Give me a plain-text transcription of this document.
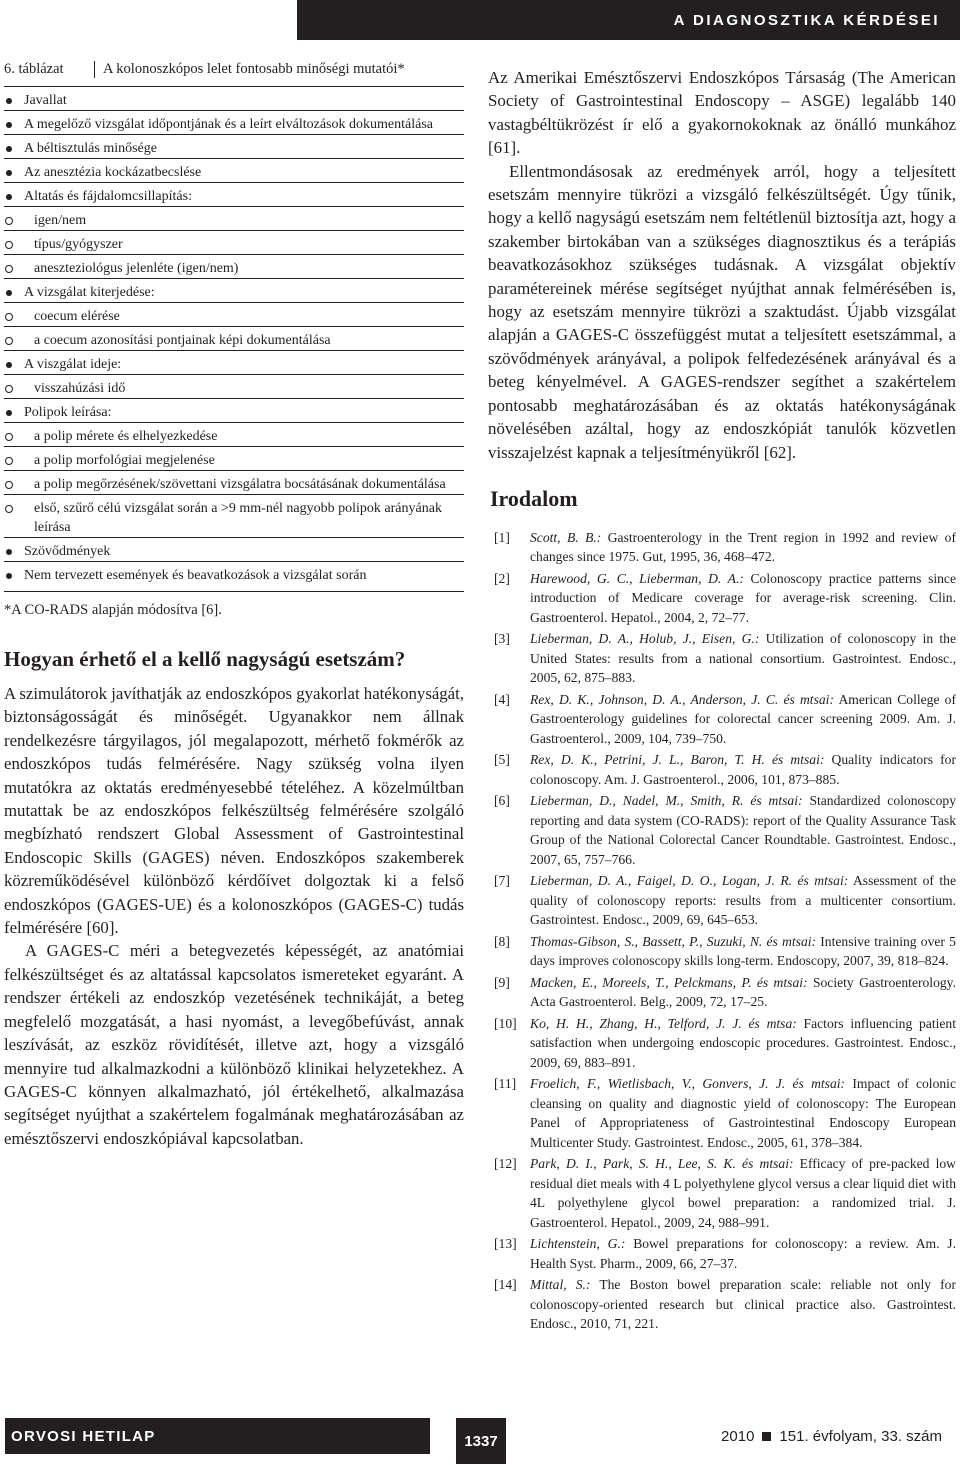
A DIAGNOSZTIKA KÉRDÉSEI
6. táblázat	A kolonoszkópos lelet fontosabb minőségi mutatói*
Javallat
A megelőző vizsgálat időpontjának és a leírt elváltozások dokumentálása
A béltisztulás minősége
Az anesztézia kockázatbecslése
Altatás és fájdalomcsillapítás:
igen/nem
típus/gyógyszer
aneszteziológus jelenléte (igen/nem)
A vizsgálat kiterjedése:
coecum elérése
a coecum azonosítási pontjainak képi dokumentálása
A viszgálat ideje:
visszahúzási idő
Polipok leírása:
a polip mérete és elhelyezkedése
a polip morfológiai megjelenése
a polip megőrzésének/szövettani vizsgálatra bocsátásának dokumentálása
első, szűrő célú vizsgálat során a >9 mm-nél nagyobb polipok arányának leírása
Szövődmények
Nem tervezett események és beavatkozások a vizsgálat során
*A CO-RADS alapján módosítva [6].
Hogyan érhető el a kellő nagyságú esetszám?

A szimulátorok javíthatják az endoszkópos gyakorlat hatékonyságát, biztonságosságát és minőségét. Ugyanakkor nem állnak rendelkezésre tárgyilagos, jól megalapozott, mérhető fokmérők az endoszkópos tudás felmérésére. Nagy szükség volna ilyen mutatókra az oktatás eredményesebbé tételéhez. A közelmúltban mutattak be az endoszkópos felkészültség felmérésére szolgáló megbízható rendszert Global Assessment of Gastrointestinal Endoscopic Skills (GAGES) néven. Endoszkópos szakemberek közreműködésével különböző kérdőívet dolgoztak ki a felső endoszkópos (GAGES-UE) és a kolonoszkópos (GAGES-C) tudás felmérésére [60].

A GAGES-C méri a betegvezetés képességét, az anatómiai felkészültséget és az altatással kapcsolatos ismereteket egyaránt. A rendszer értékeli az endoszkóp vezetésének technikáját, a beteg megfelelő mozgatását, a hasi nyomást, a levegőbefúvást, annak leszívását, az eszköz rövidítését, illetve azt, hogy a vizsgáló mennyire tud alkalmazkodni a különböző klinikai helyzetekhez. A GAGES-C könnyen alkalmazható, jól értékelhető, alkalmazása segítséget nyújthat a szakértelem fogalmának meghatározásában az emésztőszervi endoszkópiával kapcsolatban.

Az Amerikai Emésztőszervi Endoszkópos Társaság (The American Society of Gastrointestinal Endoscopy – ASGE) legalább 140 vastagbéltükrözést ír elő a gyakornokoknak az önálló munkához [61].

Ellentmondásosak az eredmények arról, hogy a teljesített esetszám mennyire tükrözi a vizsgáló felkészültségét. Úgy tűnik, hogy a kellő nagyságú esetszám nem feltétlenül biztosítja azt, hogy a szakember birtokában van a szükséges diagnosztikus és a terápiás beavatkozásokhoz szükséges tudásnak. A vizsgálat objektív paramétereinek mérése segítséget nyújthat annak felmérésében is, hogy az esetszám mennyire tükrözi a szaktudást. Újabb vizsgálat alapján a GAGES-C összefüggést mutat a teljesített esetszámmal, a szövődmények arányával, a polipok felfedezésének arányával és a beteg kényelmével. A GAGES-rendszer segíthet a szakértelem pontosabb meghatározásában és az oktatás hatékonyságának növelésében azáltal, hogy az endoszkópiát tanulók közvetlen visszajelzést kapnak a teljesítményükről [62].

Irodalom
[1]	Scott, B. B.: Gastroenterology in the Trent region in 1992 and review of changes since 1975. Gut, 1995, 36, 468–472.
[2]	Harewood, G. C., Lieberman, D. A.: Colonoscopy practice patterns since introduction of Medicare coverage for average-risk screening. Clin. Gastroenterol. Hepatol., 2004, 2, 72–77.
[3]	Lieberman, D. A., Holub, J., Eisen, G.: Utilization of colonoscopy in the United States: results from a national consortium. Gastrointest. Endosc., 2005, 62, 875–883.
[4]	Rex, D. K., Johnson, D. A., Anderson, J. C. és mtsai: American College of Gastroenterology guidelines for colorectal cancer screening 2009. Am. J. Gastroenterol., 2009, 104, 739–750.
[5]	Rex, D. K., Petrini, J. L., Baron, T. H. és mtsai: Quality indicators for colonoscopy. Am. J. Gastroenterol., 2006, 101, 873–885.
[6]	Lieberman, D., Nadel, M., Smith, R. és mtsai: Standardized colonoscopy reporting and data system (CO-RADS): report of the Quality Assurance Task Group of the National Colorectal Cancer Roundtable. Gastrointest. Endosc., 2007, 65, 757–766.
[7]	Lieberman, D. A., Faigel, D. O., Logan, J. R. és mtsai: Assessment of the quality of colonoscopy reports: results from a multicenter consortium. Gastrointest. Endosc., 2009, 69, 645–653.
[8]	Thomas-Gibson, S., Bassett, P., Suzuki, N. és mtsai: Intensive training over 5 days improves colonoscopy skills long-term. Endoscopy, 2007, 39, 818–824.
[9]	Macken, E., Moreels, T., Pelckmans, P. és mtsai: Society Gastroenterology. Acta Gastroenterol. Belg., 2009, 72, 17–25.
[10] Ko, H. H., Zhang, H., Telford, J. J. és mtsa: Factors influencing patient satisfaction when undergoing endoscopic procedures. Gastrointest. Endosc., 2009, 69, 883–891.
[11]	Froelich, F., Wietlisbach, V., Gonvers, J. J. és mtsai: Impact of colonic cleansing on quality and diagnostic yield of colonoscopy: The European Panel of Appropriateness of Gastrointestinal Endoscopy European Multicenter Study. Gastrointest. Endosc., 2005, 61, 378–384.
[12] Park, D. I., Park, S. H., Lee, S. K. és mtsai: Efficacy of pre-packed low residual diet meals with 4 L polyethylene glycol versus a clear liquid diet with 4L polyethylene glycol bowel preparation: a randomized trial. J. Gastroenterol. Hepatol., 2009, 24, 988–991.
[13] Lichtenstein, G.: Bowel preparations for colonoscopy: a review. Am. J. Health Syst. Pharm., 2009, 66, 27–37.
[14] Mittal, S.: The Boston bowel preparation scale: reliable not only for colonoscopy-oriented research but clinical practice also. Gastrointest. Endosc., 2010, 71, 221.
ORVOSI HETILAP	1337	2010 151. évfolyam, 33. szám
